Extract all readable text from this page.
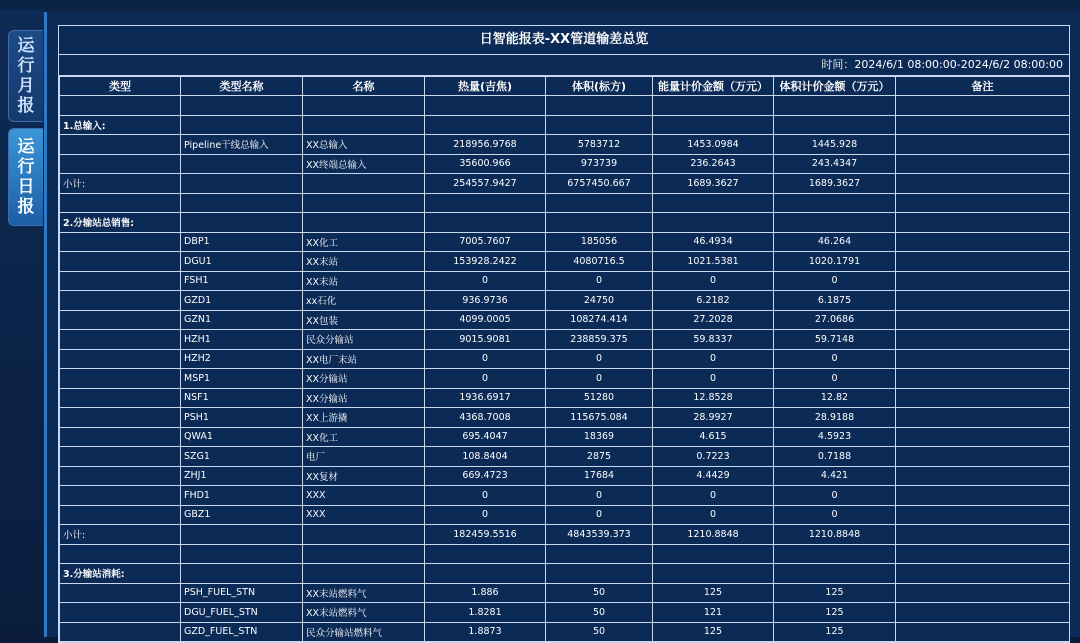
运
行
月
报
运
行
日
报
日智能报表-XX管道输差总览
时间：2024/6/1 08:00:00-2024/6/2 08:00:00
类型	类型名称	名称	热量(吉焦)	体积(标方)	能量计价金额（万元）	体积计价金额（万元）	备注

1.总输入:							
	Pipeline干线总输入	XX总输入	218956.9768	5783712	1453.0984	1445.928	
		XX终端总输入	35600.966	973739	236.2643	243.4347	
小计:			254557.9427	6757450.667	1689.3627	1689.3627	

2.分输站总销售:							
	DBP1	XX化工	7005.7607	185056	46.4934	46.264	
	DGU1	XX末站	153928.2422	4080716.5	1021.5381	1020.1791	
	FSH1	XX末站	0	0	0	0	
	GZD1	xx石化	936.9736	24750	6.2182	6.1875	
	GZN1	XX包装	4099.0005	108274.414	27.2028	27.0686	
	HZH1	民众分输站	9015.9081	238859.375	59.8337	59.7148	
	HZH2	XX电厂末站	0	0	0	0	
	MSP1	XX分输站	0	0	0	0	
	NSF1	XX分输站	1936.6917	51280	12.8528	12.82	
	PSH1	XX上游撬	4368.7008	115675.084	28.9927	28.9188	
	QWA1	XX化工	695.4047	18369	4.615	4.5923	
	SZG1	电厂	108.8404	2875	0.7223	0.7188	
	ZHJ1	XX复材	669.4723	17684	4.4429	4.421	
	FHD1	XXX	0	0	0	0	
	GBZ1	XXX	0	0	0	0	
小计:			182459.5516	4843539.373	1210.8848	1210.8848	

3.分输站消耗:							
	PSH_FUEL_STN	XX末站燃料气	1.886	50	125	125	
	DGU_FUEL_STN	XX末站燃料气	1.8281	50	121	125	
	GZD_FUEL_STN	民众分输站燃料气	1.8873	50	125	125	
